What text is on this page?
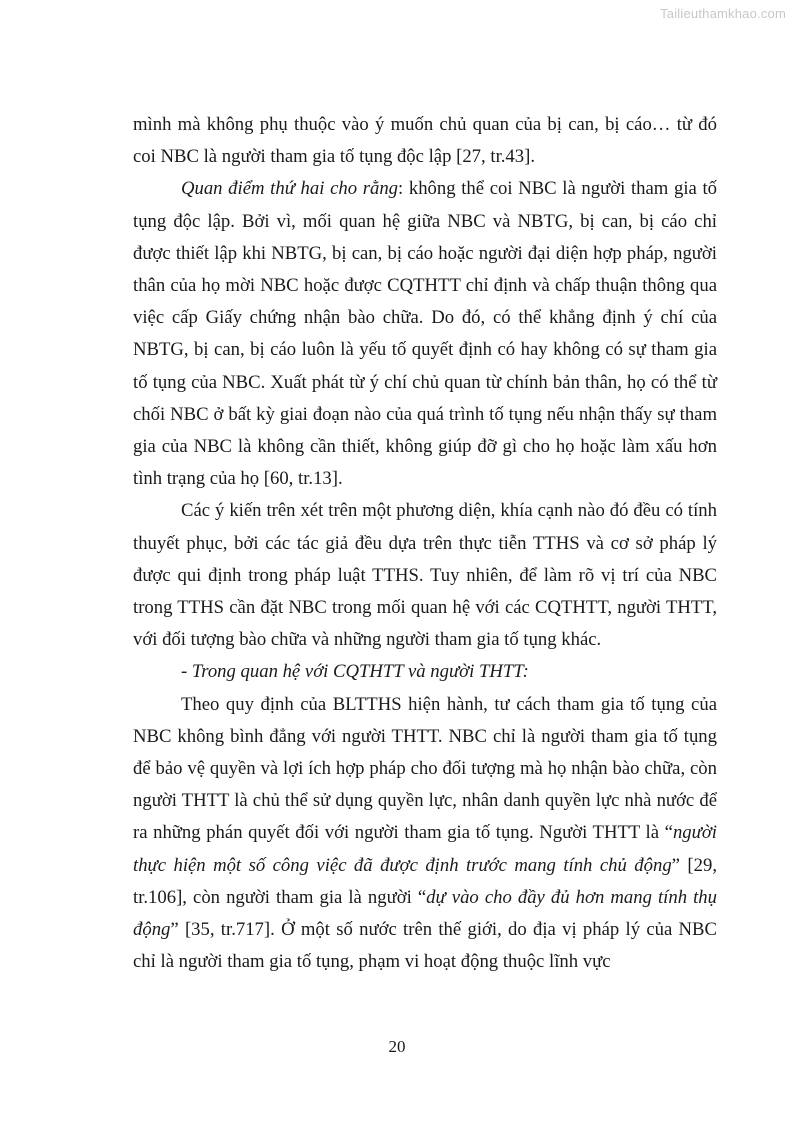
Tailieuthamkhao.com

mình mà không phụ thuộc vào ý muốn chủ quan của bị can, bị cáo… từ đó coi NBC là người tham gia tố tụng độc lập [27, tr.43].

Quan điểm thứ hai cho rằng: không thể coi NBC là người tham gia tố tụng độc lập. Bởi vì, mối quan hệ giữa NBC và NBTG, bị can, bị cáo chỉ được thiết lập khi NBTG, bị can, bị cáo hoặc người đại diện hợp pháp, người thân của họ mời NBC hoặc được CQTHTT chỉ định và chấp thuận thông qua việc cấp Giấy chứng nhận bào chữa. Do đó, có thể khẳng định ý chí của NBTG, bị can, bị cáo luôn là yếu tố quyết định có hay không có sự tham gia tố tụng của NBC. Xuất phát từ ý chí chủ quan từ chính bản thân, họ có thể từ chối NBC ở bất kỳ giai đoạn nào của quá trình tố tụng nếu nhận thấy sự tham gia của NBC là không cần thiết, không giúp đỡ gì cho họ hoặc làm xấu hơn tình trạng của họ [60, tr.13].

Các ý kiến trên xét trên một phương diện, khía cạnh nào đó đều có tính thuyết phục, bởi các tác giả đều dựa trên thực tiễn TTHS và cơ sở pháp lý được qui định trong pháp luật TTHS. Tuy nhiên, để làm rõ vị trí của NBC trong TTHS cần đặt NBC trong mối quan hệ với các CQTHTT, người THTT, với đối tượng bào chữa và những người tham gia tố tụng khác.

- Trong quan hệ với CQTHTT và người THTT:

Theo quy định của BLTTHS hiện hành, tư cách tham gia tố tụng của NBC không bình đẳng với người THTT. NBC chỉ là người tham gia tố tụng để bảo vệ quyền và lợi ích hợp pháp cho đối tượng mà họ nhận bào chữa, còn người THTT là chủ thể sử dụng quyền lực, nhân danh quyền lực nhà nước để ra những phán quyết đối với người tham gia tố tụng. Người THTT là “người thực hiện một số công việc đã được định trước mang tính chủ động” [29, tr.106], còn người tham gia là người “dự vào cho đầy đủ hơn mang tính thụ động” [35, tr.717]. Ở một số nước trên thế giới, do địa vị pháp lý của NBC chỉ là người tham gia tố tụng, phạm vi hoạt động thuộc lĩnh vực

20
